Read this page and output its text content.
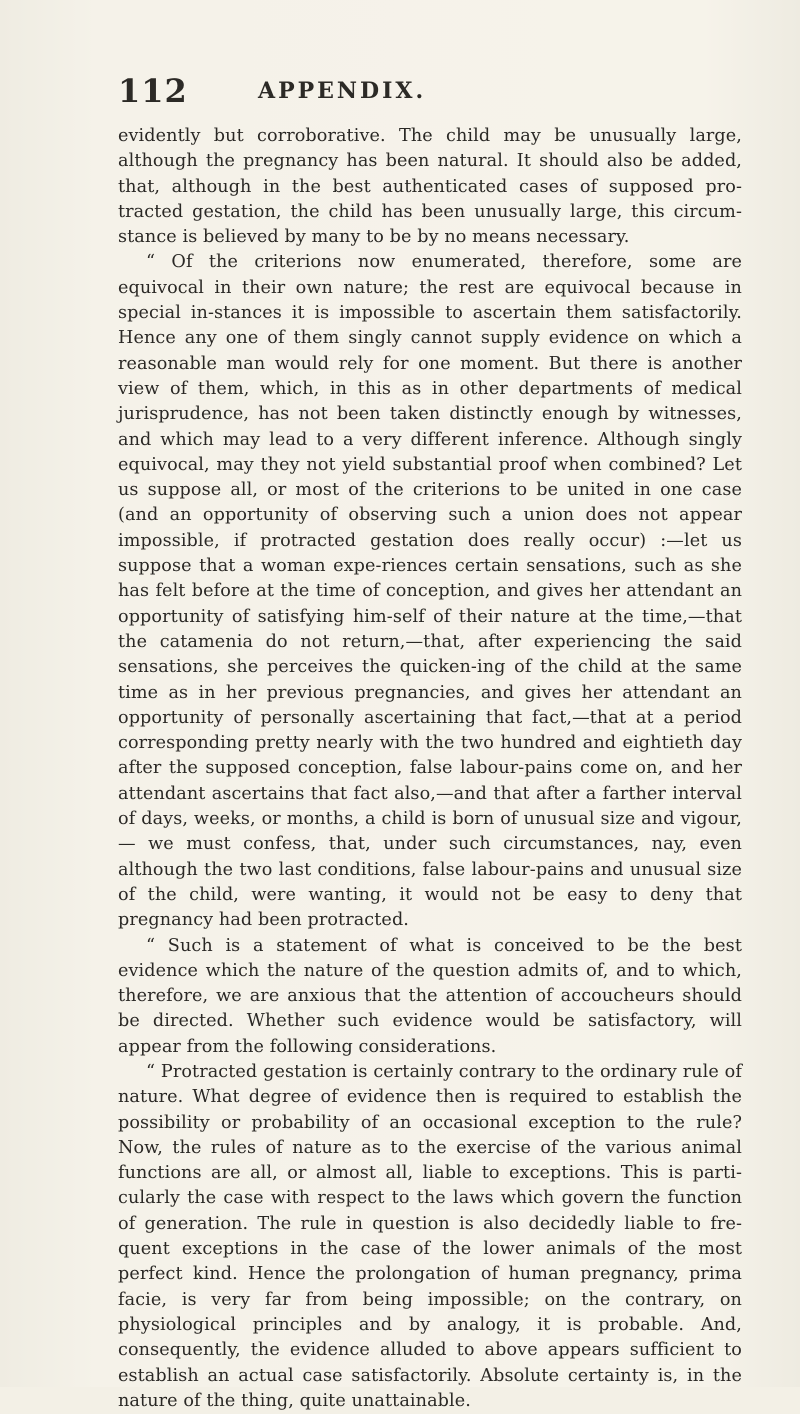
112	APPENDIX.

evidently but corroborative. The child may be unusually large, although the pregnancy has been natural. It should also be added, that, although in the best authenticated cases of supposed pro-tracted gestation, the child has been unusually large, this circum-stance is believed by many to be by no means necessary.

“ Of the criterions now enumerated, therefore, some are equivocal in their own nature; the rest are equivocal because in special in-stances it is impossible to ascertain them satisfactorily. Hence any one of them singly cannot supply evidence on which a reasonable man would rely for one moment. But there is another view of them, which, in this as in other departments of medical jurisprudence, has not been taken distinctly enough by witnesses, and which may lead to a very different inference. Although singly equivocal, may they not yield substantial proof when combined? Let us suppose all, or most of the criterions to be united in one case (and an opportunity of observing such a union does not appear impossible, if protracted gestation does really occur) :—let us suppose that a woman expe-riences certain sensations, such as she has felt before at the time of conception, and gives her attendant an opportunity of satisfying him-self of their nature at the time,—that the catamenia do not return,—that, after experiencing the said sensations, she perceives the quicken-ing of the child at the same time as in her previous pregnancies, and gives her attendant an opportunity of personally ascertaining that fact,—that at a period corresponding pretty nearly with the two hundred and eightieth day after the supposed conception, false labour-pains come on, and her attendant ascertains that fact also,—and that after a farther interval of days, weeks, or months, a child is born of unusual size and vigour,— we must confess, that, under such circumstances, nay, even although the two last conditions, false labour-pains and unusual size of the child, were wanting, it would not be easy to deny that pregnancy had been protracted.

“ Such is a statement of what is conceived to be the best evidence which the nature of the question admits of, and to which, therefore, we are anxious that the attention of accoucheurs should be directed. Whether such evidence would be satisfactory, will appear from the following considerations.

“ Protracted gestation is certainly contrary to the ordinary rule of nature. What degree of evidence then is required to establish the possibility or probability of an occasional exception to the rule? Now, the rules of nature as to the exercise of the various animal functions are all, or almost all, liable to exceptions. This is parti-cularly the case with respect to the laws which govern the function of generation. The rule in question is also decidedly liable to fre-quent exceptions in the case of the lower animals of the most perfect kind. Hence the prolongation of human pregnancy, prima facie, is very far from being impossible; on the contrary, on physiological principles and by analogy, it is probable. And, consequently, the evidence alluded to above appears sufficient to establish an actual case satisfactorily. Absolute certainty is, in the nature of the thing, quite unattainable.
